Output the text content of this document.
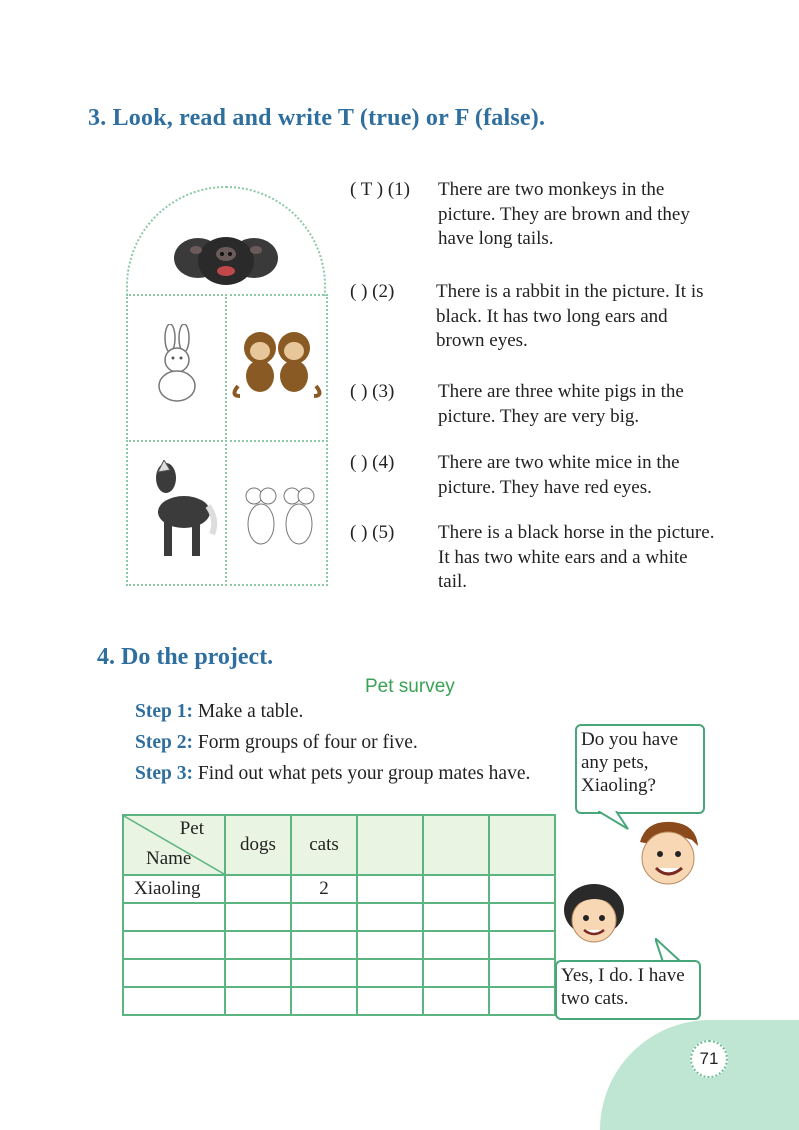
3. Look, read and write T (true) or F (false).
( T ) (1) There are two monkeys in the picture. They are brown and they have long tails.
( ) (2) There is a rabbit in the picture. It is black. It has two long ears and brown eyes.
( ) (3) There are three white pigs in the picture. They are very big.
( ) (4) There are two white mice in the picture. They have red eyes.
( ) (5) There is a black horse in the picture. It has two white ears and a white tail.
4. Do the project.
Pet survey
Step 1: Make a table.
Step 2: Form groups of four or five.
Step 3: Find out what pets your group mates have.
Pet
Name	dogs	cats			
Xiaoling		2			

Do you have any pets, Xiaoling?
Yes, I do. I have two cats.
71
